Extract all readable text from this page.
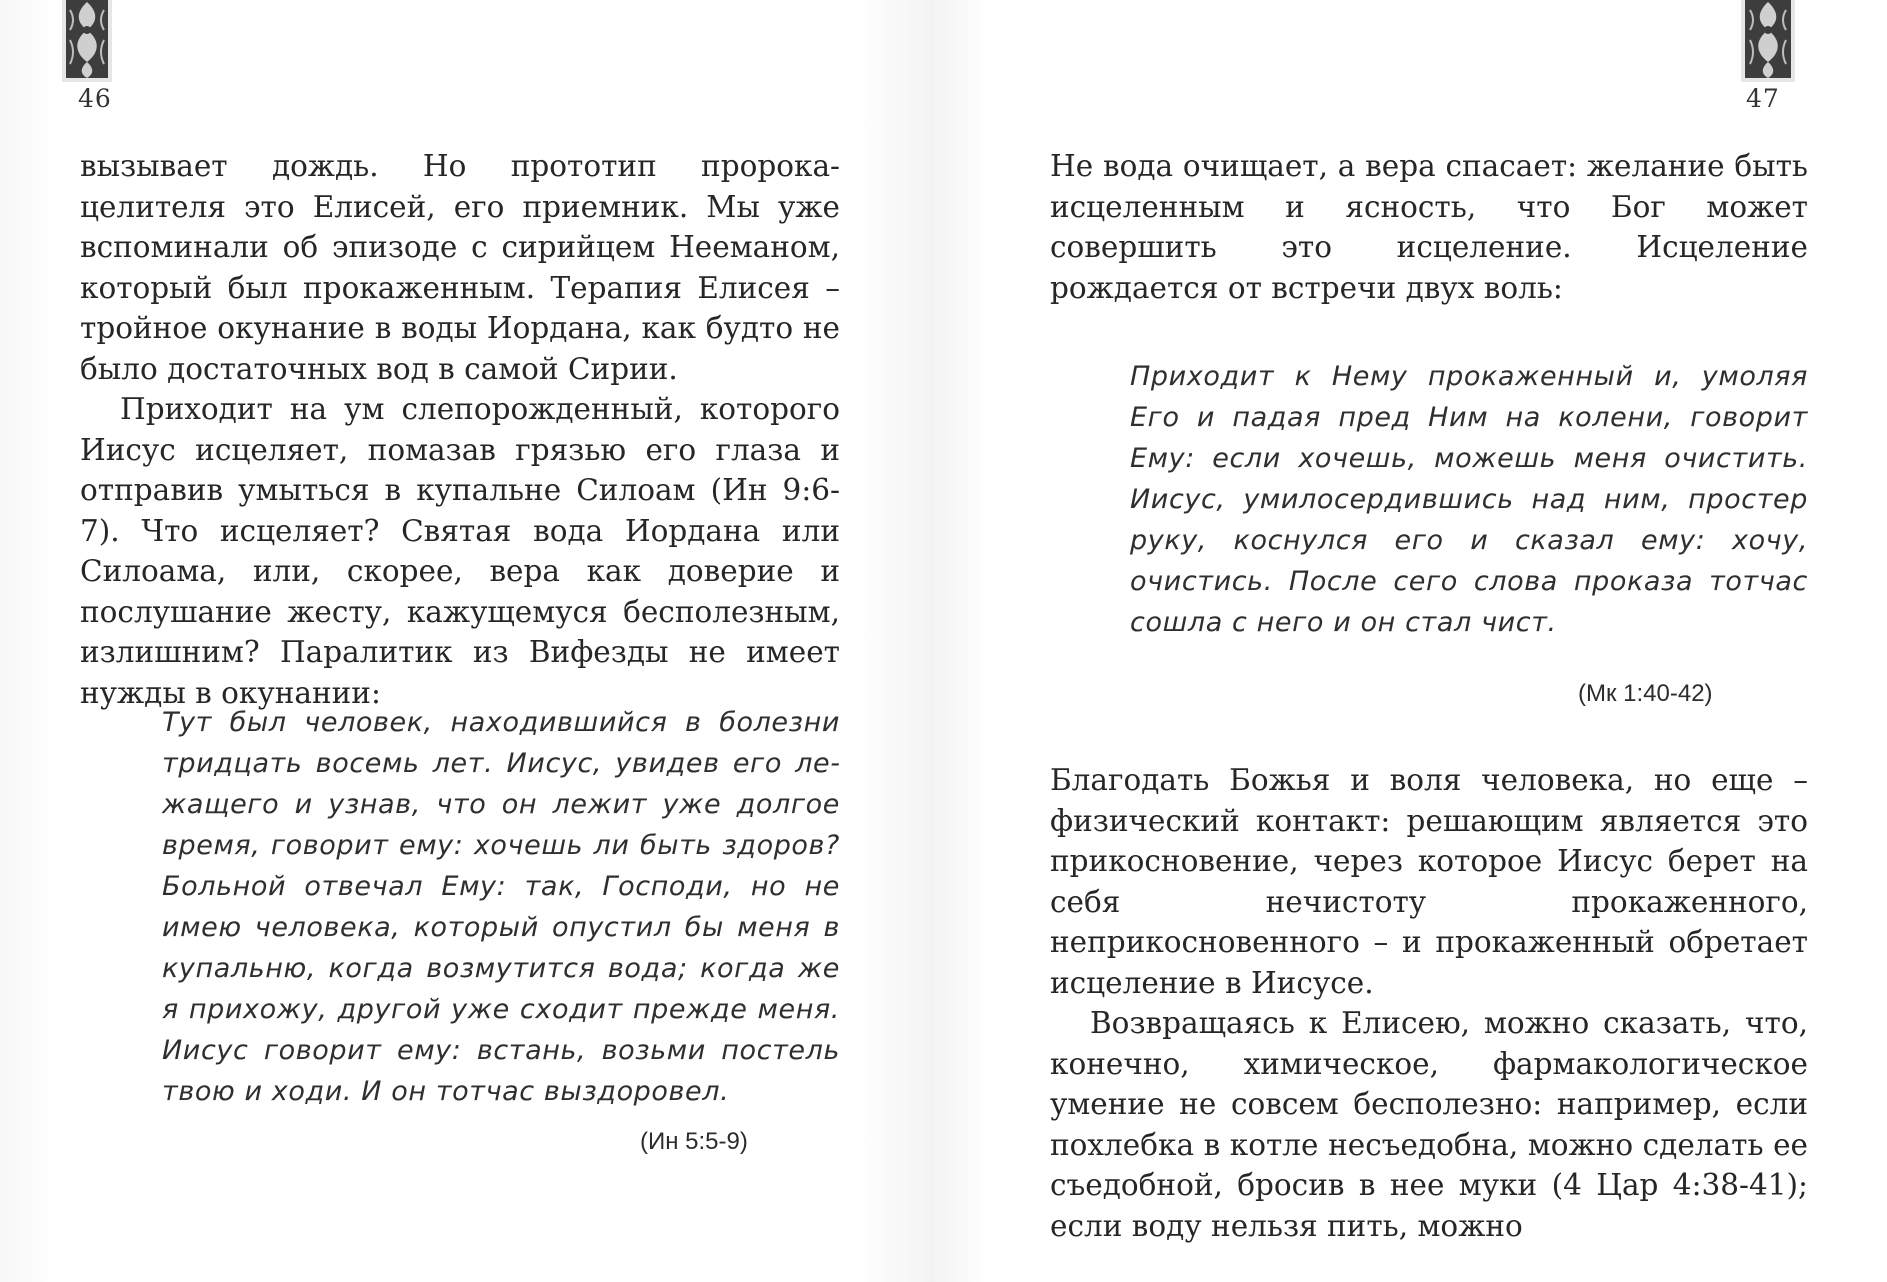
46

вызывает дождь. Но прототип пророка-целителя это Елисей, его приемник. Мы уже вспоминали об эпизоде с сирийцем Нееманом, который был прокаженным. Терапия Елисея – тройное окунание в воды Иордана, как будто не было достаточных вод в самой Сирии.

Приходит на ум слепорожденный, которого Иисус исцеляет, помазав грязью его глаза и отправив умыться в купальне Силоам (Ин 9:6-7). Что исцеляет? Святая вода Иордана или Силоама, или, скорее, вера как доверие и послушание жесту, кажущемуся бесполезным, излишним? Паралитик из Вифезды не имеет нужды в окунании:

Тут был человек, находившийся в болезни тридцать восемь лет. Иисус, увидев его лежащего и узнав, что он лежит уже долгое время, говорит ему: хочешь ли быть здоров? Больной отвечал Ему: так, Господи, но не имею человека, который опустил бы меня в купальню, когда возмутится вода; когда же я прихожу, другой уже сходит прежде меня. Иисус говорит ему: встань, возьми постель твою и ходи. И он тотчас выздоровел.

(Ин 5:5-9)
47

Не вода очищает, а вера спасает: желание быть исцеленным и ясность, что Бог может совершить это исцеление. Исцеление рождается от встречи двух воль:

Приходит к Нему прокаженный и, умоляя Его и падая пред Ним на колени, говорит Ему: если хочешь, можешь меня очистить. Иисус, умилосердившись над ним, простер руку, коснулся его и сказал ему: хочу, очистись. После сего слова проказа тотчас сошла с него и он стал чист.

(Мк 1:40-42)

Благодать Божья и воля человека, но еще – физический контакт: решающим является это прикосновение, через которое Иисус берет на себя нечистоту прокаженного, неприкосновенного – и прокаженный обретает исцеление в Иисусе.

Возвращаясь к Елисею, можно сказать, что, конечно, химическое, фармакологическое умение не совсем бесполезно: например, если похлебка в котле несъедобна, можно сделать ее съедобной, бросив в нее муки (4 Цар 4:38-41); если воду нельзя пить, можно
